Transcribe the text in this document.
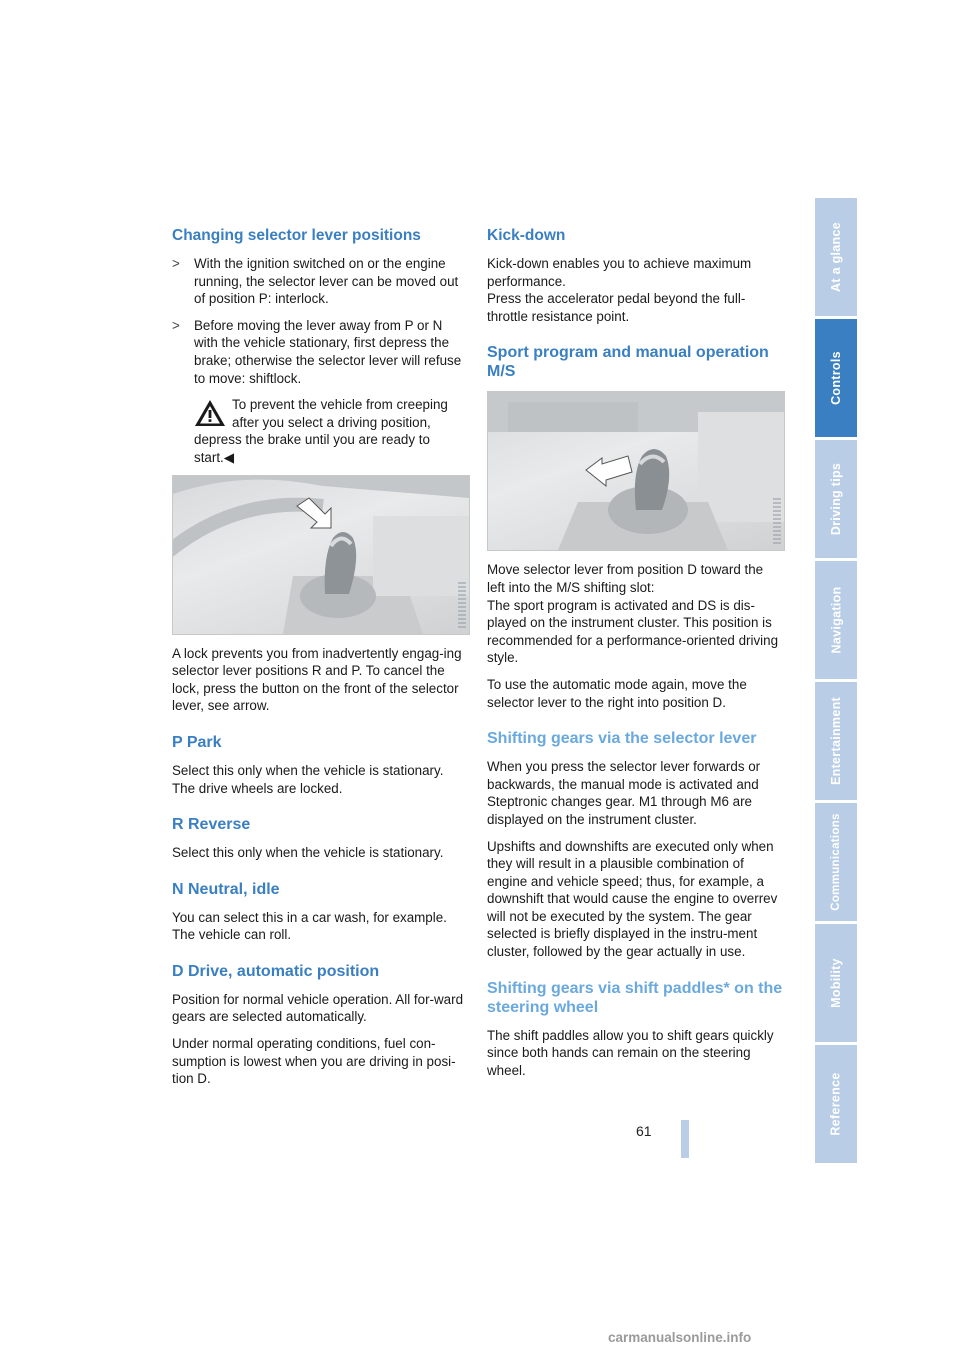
Changing selector lever positions
> With the ignition switched on or the engine running, the selector lever can be moved out of position P: interlock.
> Before moving the lever away from P or N with the vehicle stationary, first depress the brake; otherwise the selector lever will refuse to move: shiftlock.
To prevent the vehicle from creeping after you select a driving position, depress the brake until you are ready to start.◀

A lock prevents you from inadvertently engag-ing selector lever positions R and P. To cancel the lock, press the button on the front of the selector lever, see arrow.

P Park

Select this only when the vehicle is stationary. The drive wheels are locked.

R Reverse

Select this only when the vehicle is stationary.

N Neutral, idle

You can select this in a car wash, for example. The vehicle can roll.

D Drive, automatic position

Position for normal vehicle operation. All for-ward gears are selected automatically.

Under normal operating conditions, fuel con-sumption is lowest when you are driving in posi-tion D.

Kick-down

Kick-down enables you to achieve maximum performance.

Press the accelerator pedal beyond the full-throttle resistance point.

Sport program and manual operation M/S

Move selector lever from position D toward the left into the M/S shifting slot:

The sport program is activated and DS is dis-played on the instrument cluster. This position is recommended for a performance-oriented driving style.

To use the automatic mode again, move the selector lever to the right into position D.

Shifting gears via the selector lever

When you press the selector lever forwards or backwards, the manual mode is activated and Steptronic changes gear. M1 through M6 are displayed on the instrument cluster.

Upshifts and downshifts are executed only when they will result in a plausible combination of engine and vehicle speed; thus, for example, a downshift that would cause the engine to overrev will not be executed by the system. The gear selected is briefly displayed in the instru-ment cluster, followed by the gear actually in use.

Shifting gears via shift paddles* on the steering wheel

The shift paddles allow you to shift gears quickly since both hands can remain on the steering wheel.

At a glance
Controls
Driving tips
Navigation
Entertainment
Communications
Mobility
Reference
61
carmanualsonline.info
